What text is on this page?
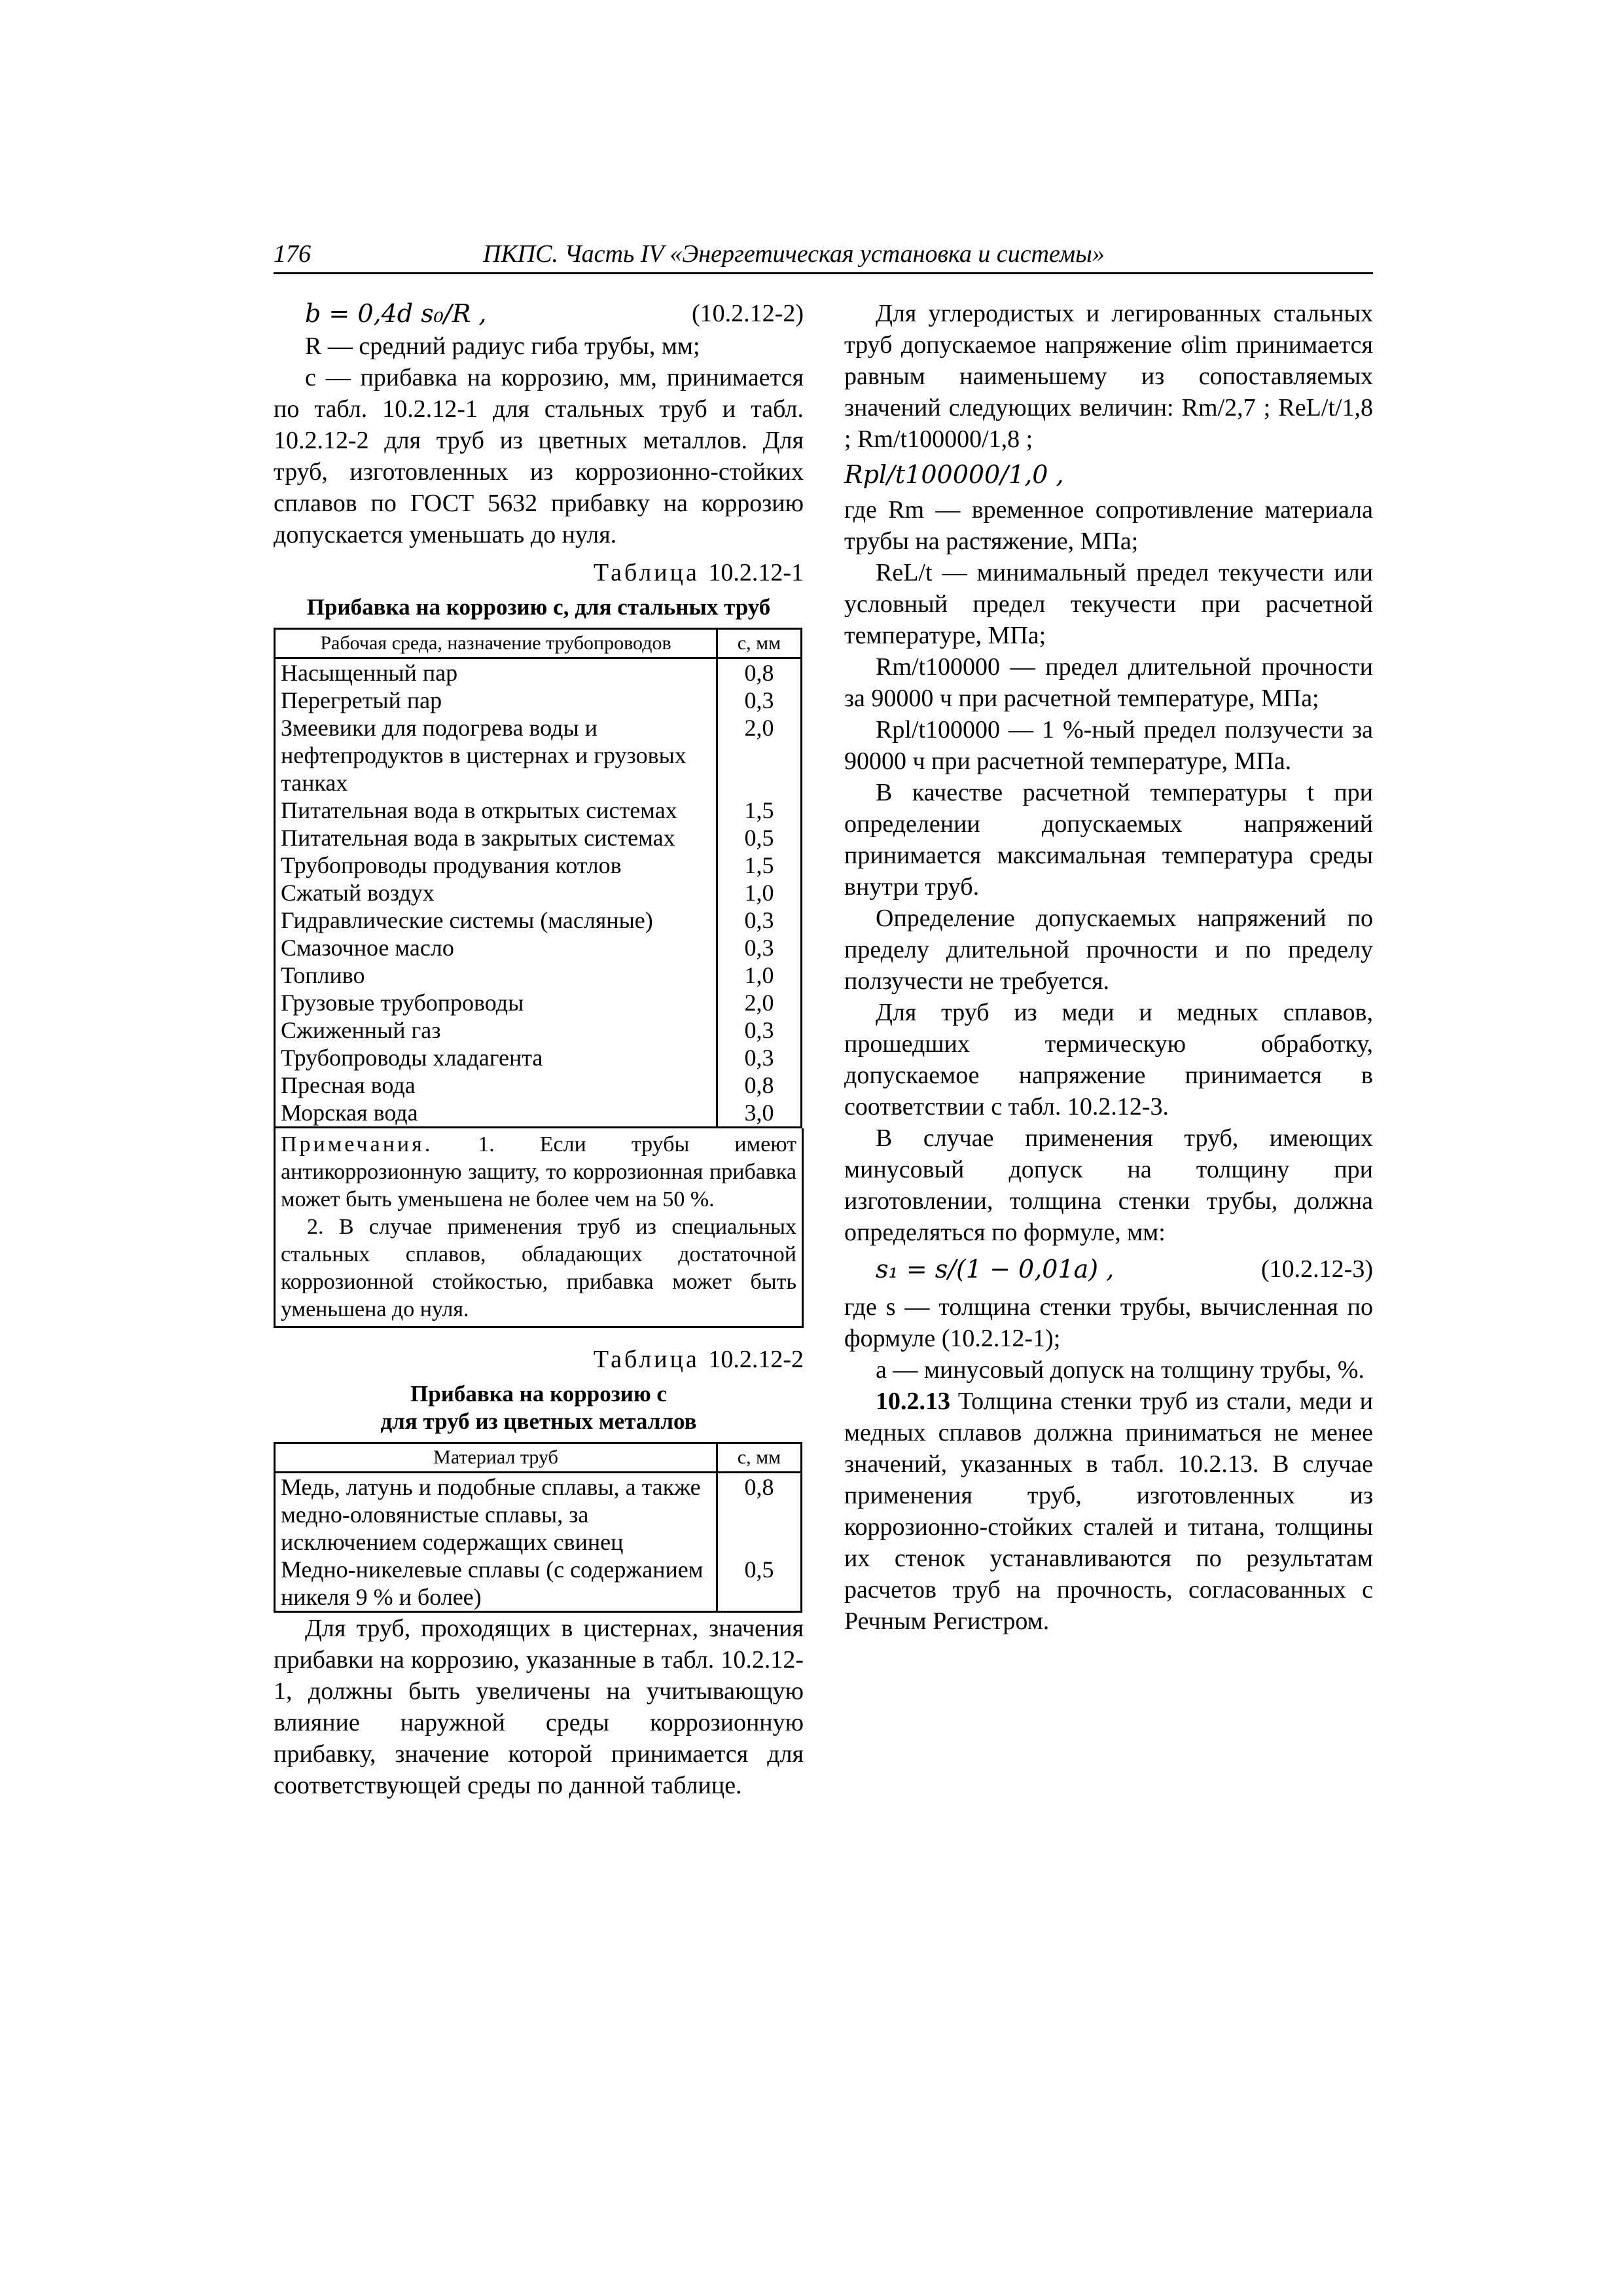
176	ПКПС. Часть IV «Энергетическая установка и системы»
b = 0,4d s₀/R ,	(10.2.12-2)

R — средний радиус гиба трубы, мм;

c — прибавка на коррозию, мм, принимается по табл. 10.2.12-1 для стальных труб и табл. 10.2.12-2 для труб из цветных металлов. Для труб, изготовленных из коррозионно-стойких сплавов по ГОСТ 5632 прибавку на коррозию допускается уменьшать до нуля.

Таблица 10.2.12-1
Прибавка на коррозию c, для стальных труб
Рабочая среда, назначение трубопроводов	c, мм
Насыщенный пар	0,8
Перегретый пар	0,3
Змеевики для подогрева воды и нефтепродуктов в цистернах и грузовых танках	2,0
Питательная вода в открытых системах	1,5
Питательная вода в закрытых системах	0,5
Трубопроводы продувания котлов	1,5
Сжатый воздух	1,0
Гидравлические системы (масляные)	0,3
Смазочное масло	0,3
Топливо	1,0
Грузовые трубопроводы	2,0
Сжиженный газ	0,3
Трубопроводы хладагента	0,3
Пресная вода	0,8
Морская вода	3,0
Примечания. 1. Если трубы имеют антикоррозионную защиту, то коррозионная прибавка может быть уменьшена не более чем на 50 %.
2. В случае применения труб из специальных стальных сплавов, обладающих достаточной коррозионной стойкостью, прибавка может быть уменьшена до нуля.
Таблица 10.2.12-2
Прибавка на коррозию c
для труб из цветных металлов
Материал труб	c, мм
Медь, латунь и подобные сплавы, а также медно-оловянистые сплавы, за исключением содержащих свинец	0,8
Медно-никелевые сплавы (с содержанием никеля 9 % и более)	0,5

Для труб, проходящих в цистернах, значения прибавки на коррозию, указанные в табл. 10.2.12-1, должны быть увеличены на учитывающую влияние наружной среды коррозионную прибавку, значение которой принимается для соответствующей среды по данной таблице.

Для углеродистых и легированных стальных труб допускаемое напряжение σlim принимается равным наименьшему из сопоставляемых значений следующих величин: Rm/2,7 ; ReL/t/1,8 ; Rm/t100000/1,8 ;

Rpl/t100000/1,0 ,

где Rm — временное сопротивление материала трубы на растяжение, МПа;

ReL/t — минимальный предел текучести или условный предел текучести при расчетной температуре, МПа;

Rm/t100000 — предел длительной прочности за 90000 ч при расчетной температуре, МПа;

Rpl/t100000 — 1 %-ный предел ползучести за 90000 ч при расчетной температуре, МПа.

В качестве расчетной температуры t при определении допускаемых напряжений принимается максимальная температура среды внутри труб.

Определение допускаемых напряжений по пределу длительной прочности и по пределу ползучести не требуется.

Для труб из меди и медных сплавов, прошедших термическую обработку, допускаемое напряжение принимается в соответствии с табл. 10.2.12-3.

В случае применения труб, имеющих минусовый допуск на толщину при изготовлении, толщина стенки трубы, должна определяться по формуле, мм:

s₁ = s/(1 − 0,01a) ,	(10.2.12-3)

где s — толщина стенки трубы, вычисленная по формуле (10.2.12-1);

a — минусовый допуск на толщину трубы, %.

10.2.13 Толщина стенки труб из стали, меди и медных сплавов должна приниматься не менее значений, указанных в табл. 10.2.13. В случае применения труб, изготовленных из коррозионно-стойких сталей и титана, толщины их стенок устанавливаются по результатам расчетов труб на прочность, согласованных с Речным Регистром.
